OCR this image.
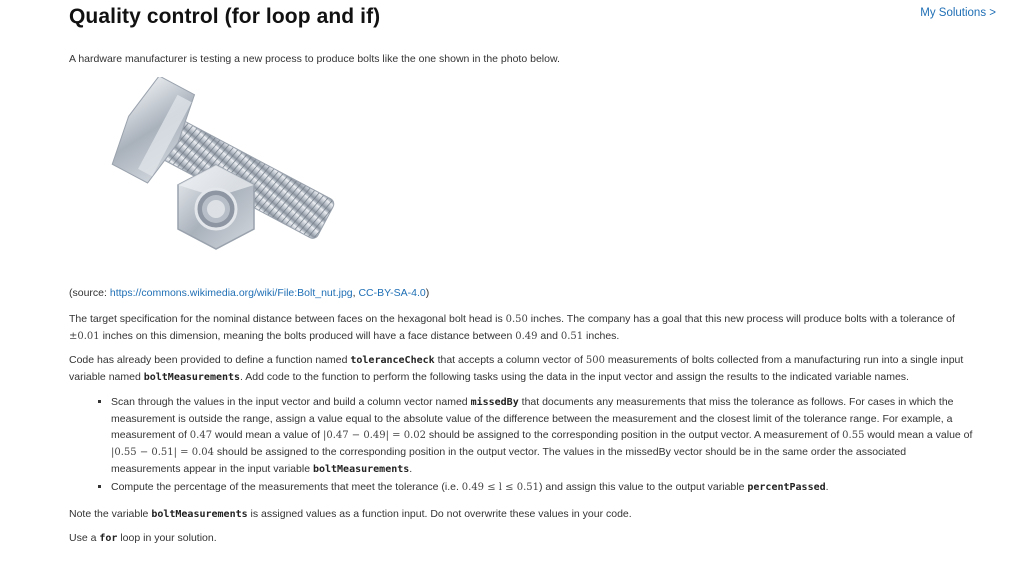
Quality control (for loop and if)	My Solutions >

A hardware manufacturer is testing a new process to produce bolts like the one shown in the photo below.

(source: https://commons.wikimedia.org/wiki/File:Bolt_nut.jpg, CC-BY-SA-4.0)

The target specification for the nominal distance between faces on the hexagonal bolt head is 0.50 inches. The company has a goal that this new process will produce bolts with a tolerance of ±0.01 inches on this dimension, meaning the bolts produced will have a face distance between 0.49 and 0.51 inches.

Code has already been provided to define a function named toleranceCheck that accepts a column vector of 500 measurements of bolts collected from a manufacturing run into a single input variable named boltMeasurements. Add code to the function to perform the following tasks using the data in the input vector and assign the results to the indicated variable names.

▪ Scan through the values in the input vector and build a column vector named missedBy that documents any measurements that miss the tolerance as follows. For cases in which the measurement is outside the range, assign a value equal to the absolute value of the difference between the measurement and the closest limit of the tolerance range. For example, a measurement of 0.47 would mean a value of |0.47 − 0.49| = 0.02 should be assigned to the corresponding position in the output vector. A measurement of 0.55 would mean a value of |0.55 − 0.51| = 0.04 should be assigned to the corresponding position in the output vector. The values in the missedBy vector should be in the same order the associated measurements appear in the input variable boltMeasurements.
▪ Compute the percentage of the measurements that meet the tolerance (i.e. 0.49 ≤ l ≤ 0.51) and assign this value to the output variable percentPassed.

Note the variable boltMeasurements is assigned values as a function input. Do not overwrite these values in your code.

Use a for loop in your solution.
